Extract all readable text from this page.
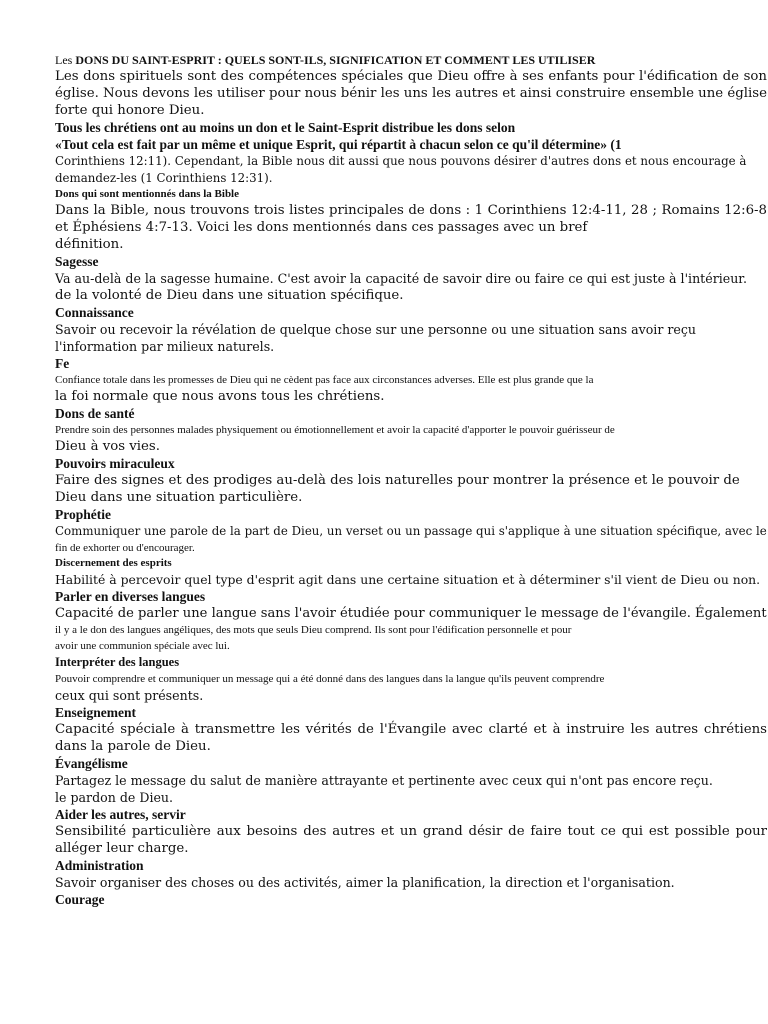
Les DONS DU SAINT-ESPRIT : QUELS SONT-ILS, SIGNIFICATION ET COMMENT LES UTILISER

Les dons spirituels sont des compétences spéciales que Dieu offre à ses enfants pour l'édification de son église. Nous devons les utiliser pour nous bénir les uns les autres et ainsi construire ensemble une église forte qui honore Dieu.

Tous les chrétiens ont au moins un don et le Saint-Esprit distribue les dons selon

«Tout cela est fait par un même et unique Esprit, qui répartit à chacun selon ce qu'il détermine» (1

Corinthiens 12:11). Cependant, la Bible nous dit aussi que nous pouvons désirer d'autres dons et nous encourage à

demandez-les (1 Corinthiens 12:31).

Dons qui sont mentionnés dans la Bible

Dans la Bible, nous trouvons trois listes principales de dons : 1 Corinthiens 12:4-11, 28 ; Romains 12:6-8 et Éphésiens 4:7-13. Voici les dons mentionnés dans ces passages avec un bref

définition.

Sagesse

Va au-delà de la sagesse humaine. C'est avoir la capacité de savoir dire ou faire ce qui est juste à l'intérieur.

de la volonté de Dieu dans une situation spécifique.

Connaissance

Savoir ou recevoir la révélation de quelque chose sur une personne ou une situation sans avoir reçu l'information par milieux naturels.

Fe

Confiance totale dans les promesses de Dieu qui ne cèdent pas face aux circonstances adverses. Elle est plus grande que la

la foi normale que nous avons tous les chrétiens.

Dons de santé

Prendre soin des personnes malades physiquement ou émotionnellement et avoir la capacité d'apporter le pouvoir guérisseur de

Dieu à vos vies.

Pouvoirs miraculeux

Faire des signes et des prodiges au-delà des lois naturelles pour montrer la présence et le pouvoir de Dieu dans une situation particulière.

Prophétie

Communiquer une parole de la part de Dieu, un verset ou un passage qui s'applique à une situation spécifique, avec le

fin de exhorter ou d'encourager.

Discernement des esprits

Habilité à percevoir quel type d'esprit agit dans une certaine situation et à déterminer s'il vient de Dieu ou non.

Parler en diverses langues

Capacité de parler une langue sans l'avoir étudiée pour communiquer le message de l'évangile. Également

il y a le don des langues angéliques, des mots que seuls Dieu comprend. Ils sont pour l'édification personnelle et pour

avoir une communion spéciale avec lui.

Interpréter des langues

Pouvoir comprendre et communiquer un message qui a été donné dans des langues dans la langue qu'ils peuvent comprendre

ceux qui sont présents.

Enseignement

Capacité spéciale à transmettre les vérités de l'Évangile avec clarté et à instruire les autres chrétiens dans la parole de Dieu.

Évangélisme

Partagez le message du salut de manière attrayante et pertinente avec ceux qui n'ont pas encore reçu.

le pardon de Dieu.

Aider les autres, servir

Sensibilité particulière aux besoins des autres et un grand désir de faire tout ce qui est possible pour alléger leur charge.

Administration

Savoir organiser des choses ou des activités, aimer la planification, la direction et l'organisation.

Courage
